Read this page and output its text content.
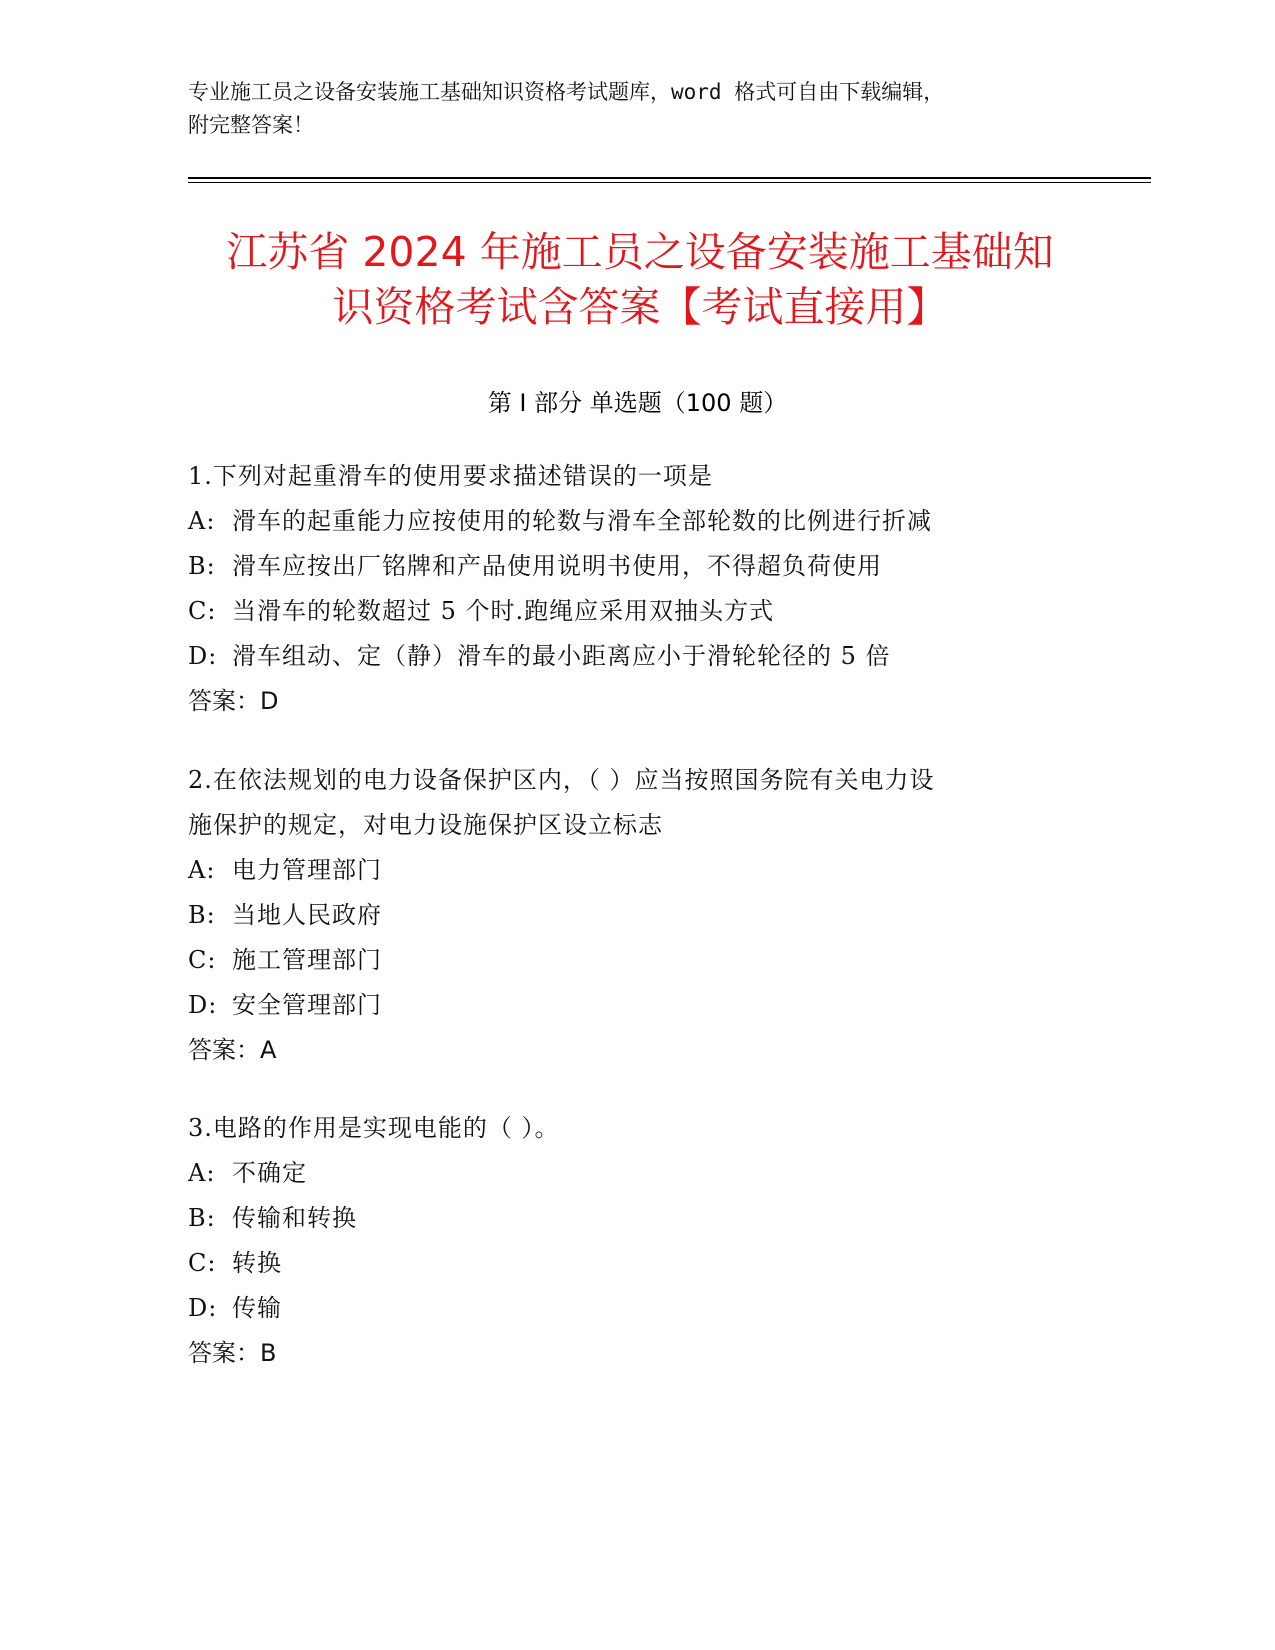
专业施工员之设备安装施工基础知识资格考试题库，word 格式可自由下载编辑，
附完整答案！
江苏省 2024 年施工员之设备安装施工基础知
识资格考试含答案【考试直接用】
第 I 部分 单选题（100 题）
1.下列对起重滑车的使用要求描述错误的一项是
A: 滑车的起重能力应按使用的轮数与滑车全部轮数的比例进行折减
B: 滑车应按出厂铭牌和产品使用说明书使用，不得超负荷使用
C: 当滑车的轮数超过 5 个时.跑绳应采用双抽头方式
D: 滑车组动、定（静）滑车的最小距离应小于滑轮轮径的 5 倍
答案：D
2.在依法规划的电力设备保护区内，（ ）应当按照国务院有关电力设
施保护的规定，对电力设施保护区设立标志
A: 电力管理部门
B: 当地人民政府
C: 施工管理部门
D: 安全管理部门
答案：A
3.电路的作用是实现电能的（ ）。
A: 不确定
B: 传输和转换
C: 转换
D: 传输
答案：B
